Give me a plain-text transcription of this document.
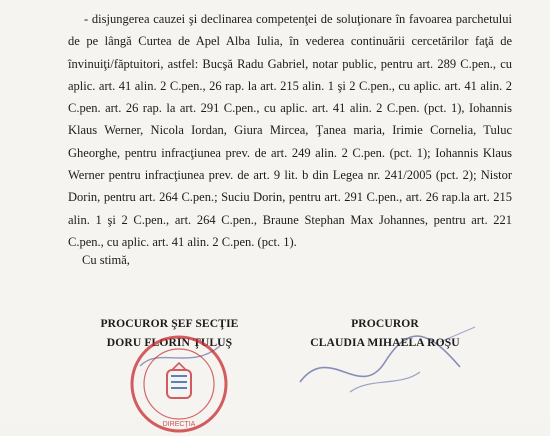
- disjungerea cauzei şi declinarea competenţei de soluţionare în favoarea parchetului de pe lângă Curtea de Apel Alba Iulia, în vederea continuării cercetărilor faţă de învinuiţi/făptuitori, astfel: Bucşă Radu Gabriel, notar public, pentru art. 289 C.pen., cu aplic. art. 41 alin. 2 C.pen., 26 rap. la art. 215 alin. 1 şi 2 C.pen., cu aplic. art. 41 alin. 2 C.pen. art. 26 rap. la art. 291 C.pen., cu aplic. art. 41 alin. 2 C.pen. (pct. 1), Iohannis Klaus Werner, Nicola Iordan, Giura Mircea, Ţanea maria, Irimie Cornelia, Tuluc Gheorghe, pentru infracţiunea prev. de art. 249 alin. 2 C.pen. (pct. 1); Iohannis Klaus Werner pentru infracţiunea prev. de art. 9 lit. b din Legea nr. 241/2005 (pct. 2); Nistor Dorin, pentru art. 264 C.pen.; Suciu Dorin, pentru art. 291 C.pen., art. 26 rap.la art. 215 alin. 1 şi 2 C.pen., art. 264 C.pen., Braune Stephan Max Johannes, pentru art. 221 C.pen., cu aplic. art. 41 alin. 2 C.pen. (pct. 1).

Cu stimă,
PROCUROR ŞEF SECŢIE
DORU FLORIN ŢULUŞ
PROCUROR
CLAUDIA MIHAELA ROŞU
DIRECŢIA
